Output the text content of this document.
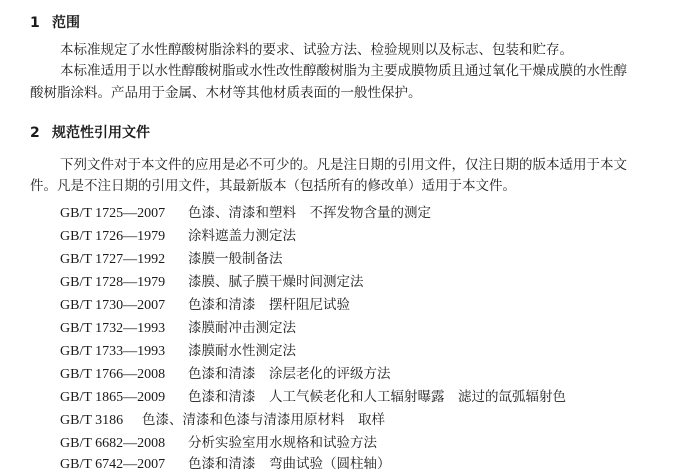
1 范围
本标准规定了水性醇酸树脂涂料的要求、试验方法、检验规则以及标志、包装和贮存。
本标准适用于以水性醇酸树脂或水性改性醇酸树脂为主要成膜物质且通过氧化干燥成膜的水性醇
酸树脂涂料。产品用于金属、木材等其他材质表面的一般性保护。
2 规范性引用文件
下列文件对于本文件的应用是必不可少的。凡是注日期的引用文件，仅注日期的版本适用于本文
件。凡是不注日期的引用文件，其最新版本（包括所有的修改单）适用于本文件。
GB/T 1725—2007 色漆、清漆和塑料　不挥发物含量的测定
GB/T 1726—1979 涂料遮盖力测定法
GB/T 1727—1992 漆膜一般制备法
GB/T 1728—1979 漆膜、腻子膜干燥时间测定法
GB/T 1730—2007 色漆和清漆　摆杆阻尼试验
GB/T 1732—1993 漆膜耐冲击测定法
GB/T 1733—1993 漆膜耐水性测定法
GB/T 1766—2008 色漆和清漆　涂层老化的评级方法
GB/T 1865—2009 色漆和清漆　人工气候老化和人工辐射曝露　滤过的氙弧辐射色
GB/T 3186 色漆、清漆和色漆与清漆用原材料　取样
GB/T 6682—2008 分析实验室用水规格和试验方法
GB/T 6742—2007 色漆和清漆　弯曲试验（圆柱轴）
